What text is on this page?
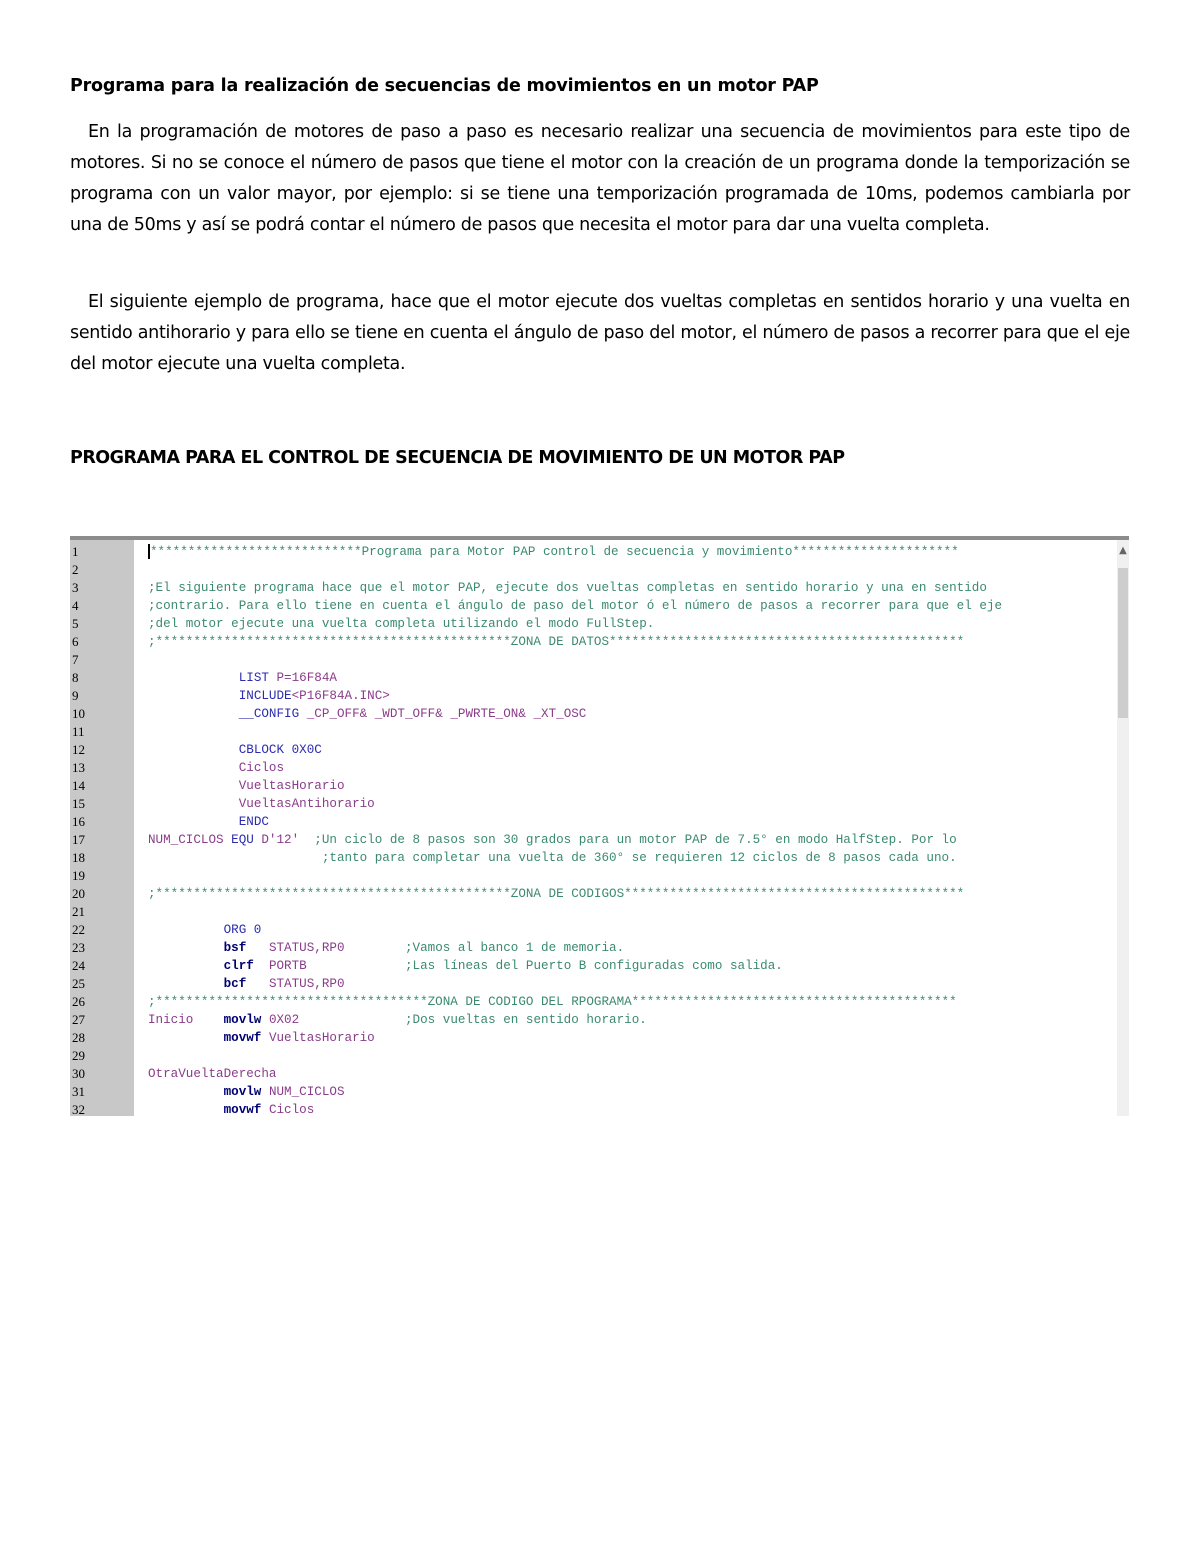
Programa para la realización de secuencias de movimientos en un motor PAP

En la programación de motores de paso a paso es necesario realizar una secuencia de movimientos para este tipo de motores. Si no se conoce el número de pasos que tiene el motor con la creación de un programa donde la temporización se programa con un valor mayor, por ejemplo: si se tiene una temporización programada de 10ms, podemos cambiarla por una de 50ms y así se podrá contar el número de pasos que necesita el motor para dar una vuelta completa.

El siguiente ejemplo de programa, hace que el motor ejecute dos vueltas completas en sentidos horario y una vuelta en sentido antihorario y para ello se tiene en cuenta el ángulo de paso del motor, el número de pasos a recorrer para que el eje del motor ejecute una vuelta completa.

PROGRAMA PARA EL CONTROL DE SECUENCIA DE MOVIMIENTO DE UN MOTOR PAP
1	****************************Programa para Motor PAP control de secuencia y movimiento**********************
2
3	;El siguiente programa hace que el motor PAP, ejecute dos vueltas completas en sentido horario y una en sentido
4	;contrario. Para ello tiene en cuenta el ángulo de paso del motor ó el número de pasos a recorrer para que el eje
5	;del motor ejecute una vuelta completa utilizando el modo FullStep.
6	;***********************************************ZONA DE DATOS***********************************************
7
8	LIST P=16F84A
9	INCLUDE<P16F84A.INC>
10	__CONFIG _CP_OFF& _WDT_OFF& _PWRTE_ON& _XT_OSC
11
12	CBLOCK 0X0C
13	Ciclos
14	VueltasHorario
15	VueltasAntihorario
16	ENDC
17	NUM_CICLOS EQU D'12'  ;Un ciclo de 8 pasos son 30 grados para un motor PAP de 7.5° en modo HalfStep. Por lo
18	;tanto para completar una vuelta de 360° se requieren 12 ciclos de 8 pasos cada uno.
19
20	;***********************************************ZONA DE CODIGOS*********************************************
21
22	ORG 0
23	bsf   STATUS,RP0        ;Vamos al banco 1 de memoria.
24	clrf  PORTB             ;Las líneas del Puerto B configuradas como salida.
25	bcf   STATUS,RP0
26	;************************************ZONA DE CODIGO DEL RPOGRAMA*******************************************
27	Inicio    movlw 0X02              ;Dos vueltas en sentido horario.
28	movwf VueltasHorario
29
30	OtraVueltaDerecha
31	movlw NUM_CICLOS
32	movwf Ciclos
▲
